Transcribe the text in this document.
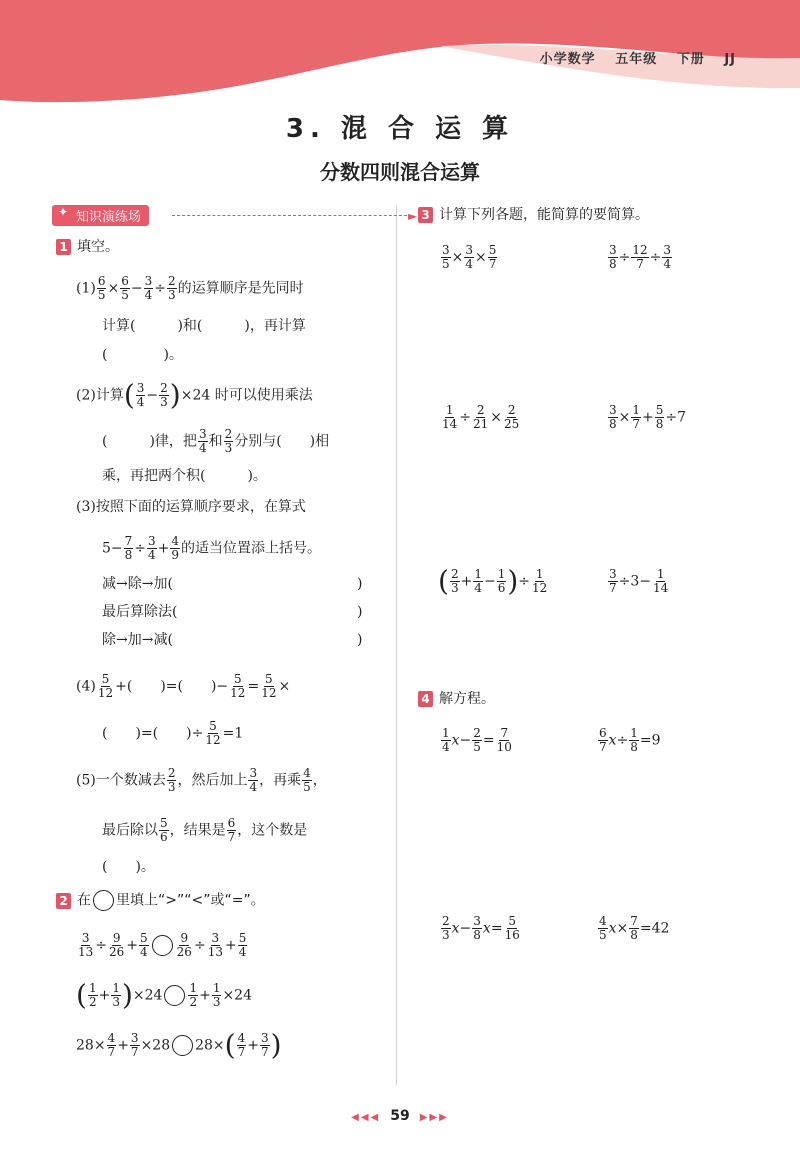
小学数学 五年级 下册 JJ
3. 混 合 运 算
分数四则混合运算
✦ 知识演练场	►
1 填空。
$(1) \frac{6}{5} \times \frac{6}{5} - \frac{3}{4} \div \frac{2}{3}$ 的运算顺序是先同时
计算(　　　)和(　　　)，再计算
(　　　　)。
(2)计算( $\frac{3}{4} - \frac{2}{3} )\times 24$ 时可以使用乘法
(　　　)律，把 $\frac{3}{4}$ 和 $\frac{2}{3}$ 分别与(　　)相
乘，再把两个积(　　　)。
(3)按照下面的运算顺序要求，在算式
$5- \frac{7}{8} \div \frac{3}{4} + \frac{4}{9}$ 的适当位置添上括号。
减→除→加(	)
最后算除法(	)
除→加→减(	)
$(4) \frac{5}{12}$ +(　　)=(　　)− $\frac{5}{12} = \frac{5}{12}$ ×
(　　)=(　　)÷ $\frac{5}{12} =1$
(5)一个数减去 $\frac{2}{3}$ ，然后加上 $\frac{3}{4}$ ，再乘 $\frac{4}{5}$ ，
最后除以 $\frac{5}{6}$ ，结果是 $\frac{6}{7}$ ，这个数是
(　　)。
2 在 里填上“>”“<”或“=”。
$\frac{3}{13} \div \frac{9}{26} + \frac{5}{4} \frac{9}{26} \div \frac{3}{13} + \frac{5}{4}$
( $\frac{1}{2} + \frac{1}{3} )\times 24 \frac{1}{2} + \frac{1}{3} \times 24$
$28\times \frac{4}{7} + \frac{3}{7} \times 28$ $28\times( \frac{4}{7} + \frac{3}{7}$ )
3 计算下列各题，能简算的要简算。
$\frac{3}{5} \times \frac{3}{4} \times \frac{5}{7}$	$\frac{3}{8} \div \frac{12}{7} \div \frac{3}{4}$
$\frac{1}{14} \div \frac{2}{21} \times \frac{2}{25}$	$\frac{3}{8} \times \frac{1}{7} + \frac{5}{8} \div 7$
( $\frac{2}{3} + \frac{1}{4} - \frac{1}{6}$ )÷ $\frac{1}{12}$	$\frac{3}{7} \div 3- \frac{1}{14}$
4 解方程。
$\frac{1}{4} x- \frac{2}{5} = \frac{7}{10}$	$\frac{6}{7} x\div \frac{1}{8} =9$
$\frac{2}{3} x- \frac{3}{8} x= \frac{5}{16}$	$\frac{4}{5} x\times \frac{7}{8} =42$
◀◀◀ 59 ▶▶▶
